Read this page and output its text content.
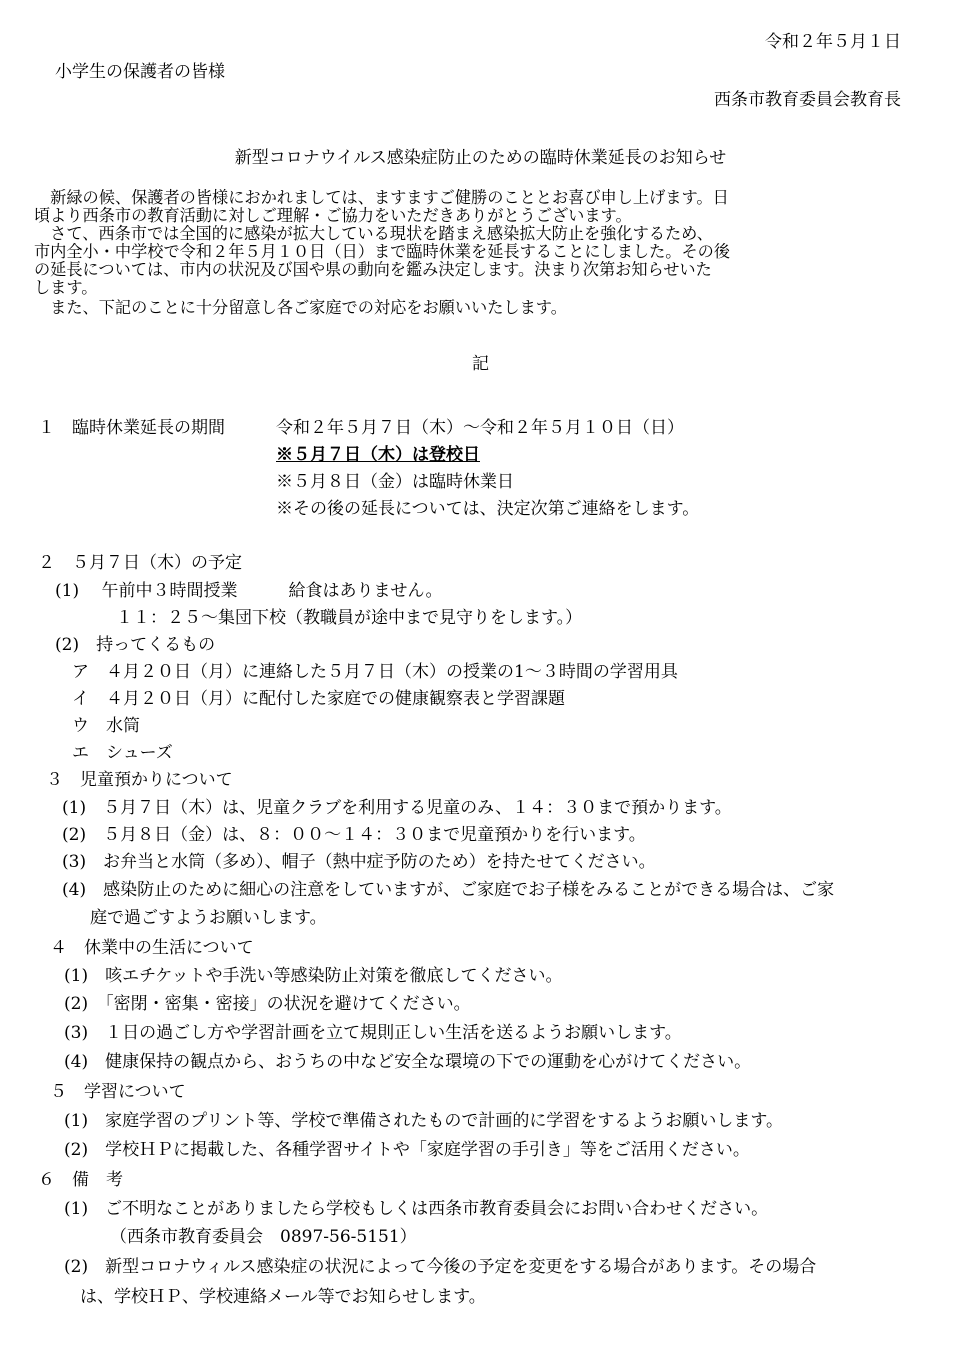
令和２年５月１日
小学生の保護者の皆様
西条市教育委員会教育長
新型コロナウイルス感染症防止のための臨時休業延長のお知らせ
　新緑の候、保護者の皆様におかれましては、ますますご健勝のこととお喜び申し上げます。日
頃より西条市の教育活動に対しご理解・ご協力をいただきありがとうございます。
　さて、西条市では全国的に感染が拡大している現状を踏まえ感染拡大防止を強化するため、
市内全小・中学校で令和２年５月１０日（日）まで臨時休業を延長することにしました。その後
の延長については、市内の状況及び国や県の動向を鑑み決定します。決まり次第お知らせいた
します。
　また、下記のことに十分留意し各ご家庭での対応をお願いいたします。
記
１　臨時休業延長の期間	令和２年５月７日（木）～令和２年５月１０日（日）
※５月７日（木）は登校日
※５月８日（金）は臨時休業日
※その後の延長については、決定次第ご連絡をします。
２　５月７日（木）の予定
(1)　 午前中３時間授業　　　給食はありません。
１１：２５～集団下校（教職員が途中まで見守りをします。）
(2)　持ってくるもの
ア　４月２０日（月）に連絡した５月７日（木）の授業の1～３時間の学習用具
イ　４月２０日（月）に配付した家庭での健康観察表と学習課題
ウ　水筒
エ　シューズ
３　児童預かりについて
(1)　５月７日（木）は、児童クラブを利用する児童のみ、１４：３０まで預かります。
(2)　５月８日（金）は、８：００～１４：３０まで児童預かりを行います。
(3)　お弁当と水筒（多め）、帽子（熱中症予防のため）を持たせてください。
(4)　感染防止のために細心の注意をしていますが、ご家庭でお子様をみることができる場合は、ご家
庭で過ごすようお願いします。
４　休業中の生活について
(1)　咳エチケットや手洗い等感染防止対策を徹底してください。
(2)　「密閉・密集・密接」の状況を避けてください。
(3)　１日の過ごし方や学習計画を立て規則正しい生活を送るようお願いします。
(4)　健康保持の観点から、おうちの中など安全な環境の下での運動を心がけてください。
５　学習について
(1)　家庭学習のプリント等、学校で準備されたもので計画的に学習をするようお願いします。
(2)　学校ＨＰに掲載した、各種学習サイトや「家庭学習の手引き」等をご活用ください。
６　備　考
(1)　ご不明なことがありましたら学校もしくは西条市教育委員会にお問い合わせください。
（西条市教育委員会　0897-56-5151）
(2)　新型コロナウィルス感染症の状況によって今後の予定を変更をする場合があります。その場合
は、学校ＨＰ、学校連絡メール等でお知らせします。
